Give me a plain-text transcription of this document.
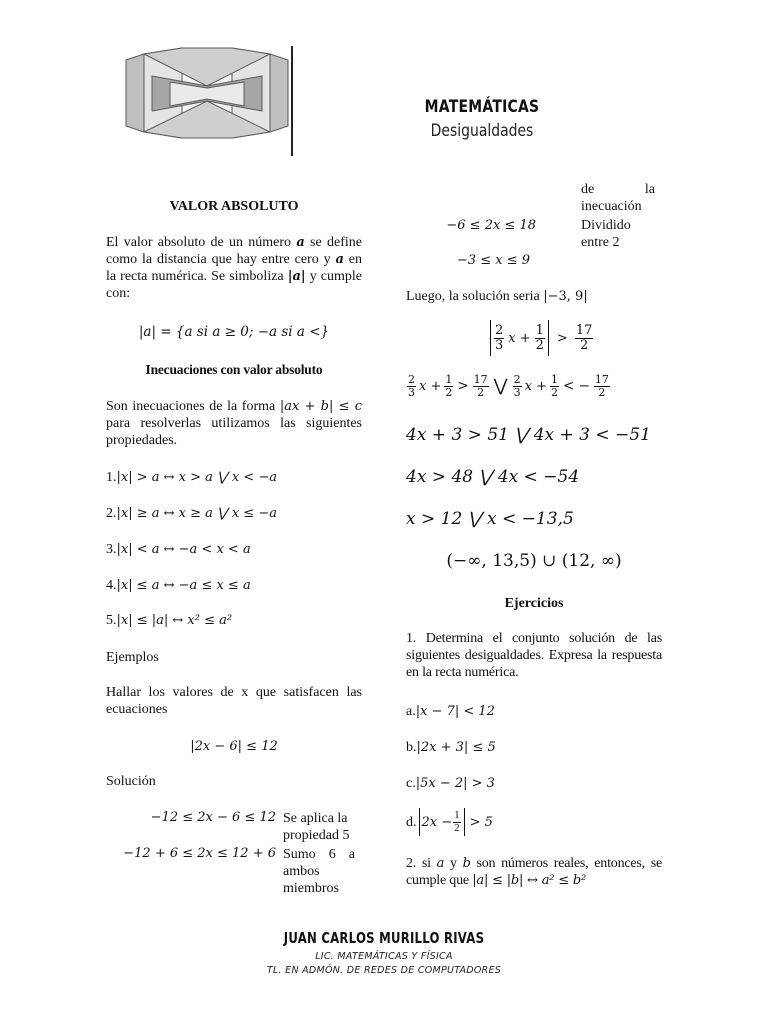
MATEMÁTICAS
Desigualdades
VALOR ABSOLUTO
El valor absoluto de un número a se define como la distancia que hay entre cero y a en la recta numérica. Se simboliza |a| y cumple con:
|a| = {a si a ≥ 0; −a si a <}
Inecuaciones con valor absoluto
Son inecuaciones de la forma |ax + b| ≤ c para resolverlas utilizamos las siguientes propiedades.
1.|x| > a ↔ x > a ⋁ x < −a
2.|x| ≥ a ↔ x ≥ a ⋁ x ≤ −a
3.|x| < a ↔ −a < x < a
4.|x| ≤ a ↔ −a ≤ x ≤ a
5.|x| ≤ |a| ↔ x² ≤ a²
Ejemplos
Hallar los valores de x que satisfacen las ecuaciones
|2x − 6| ≤ 12
Solución
−12 ≤ 2x − 6 ≤ 12 Se aplica la propiedad 5
−12 + 6 ≤ 2x ≤ 12 + 6 Sumo 6 a ambos miembros
de la inecuación
−6 ≤ 2x ≤ 18	Dividido entre 2
−3 ≤ x ≤ 9
Luego, la solución seria |−3, 9|
$\frac{2}{3}$ $x + \frac{1}{2} > \frac{17}{2}$
$\frac{2}{3}$ $x + \frac{1}{2} > \frac{17}{2}$ ⋁ $\frac{2}{3}$ $x + \frac{1}{2}$ < − $\frac{17}{2}$
4x + 3 > 51 ⋁ 4x + 3 < −51
4x > 48 ⋁ 4x < −54
x > 12 ⋁ x < −13,5
(−∞, 13,5) ∪ (12, ∞)
Ejercicios
1. Determina el conjunto solución de las siguientes desigualdades. Expresa la respuesta en la recta numérica.
a.|x − 7| < 12
b.|2x + 3| ≤ 5
c.|5x − 2| > 3
d. $2x - \frac{1}{2} > 5$
2. si a y b son números reales, entonces, se cumple que |a| ≤ |b| ↔ a² ≤ b²
JUAN CARLOS MURILLO RIVAS
LIC. MATEMÁTICAS Y FÍSICA
TL. EN ADMÓN. DE REDES DE COMPUTADORES
